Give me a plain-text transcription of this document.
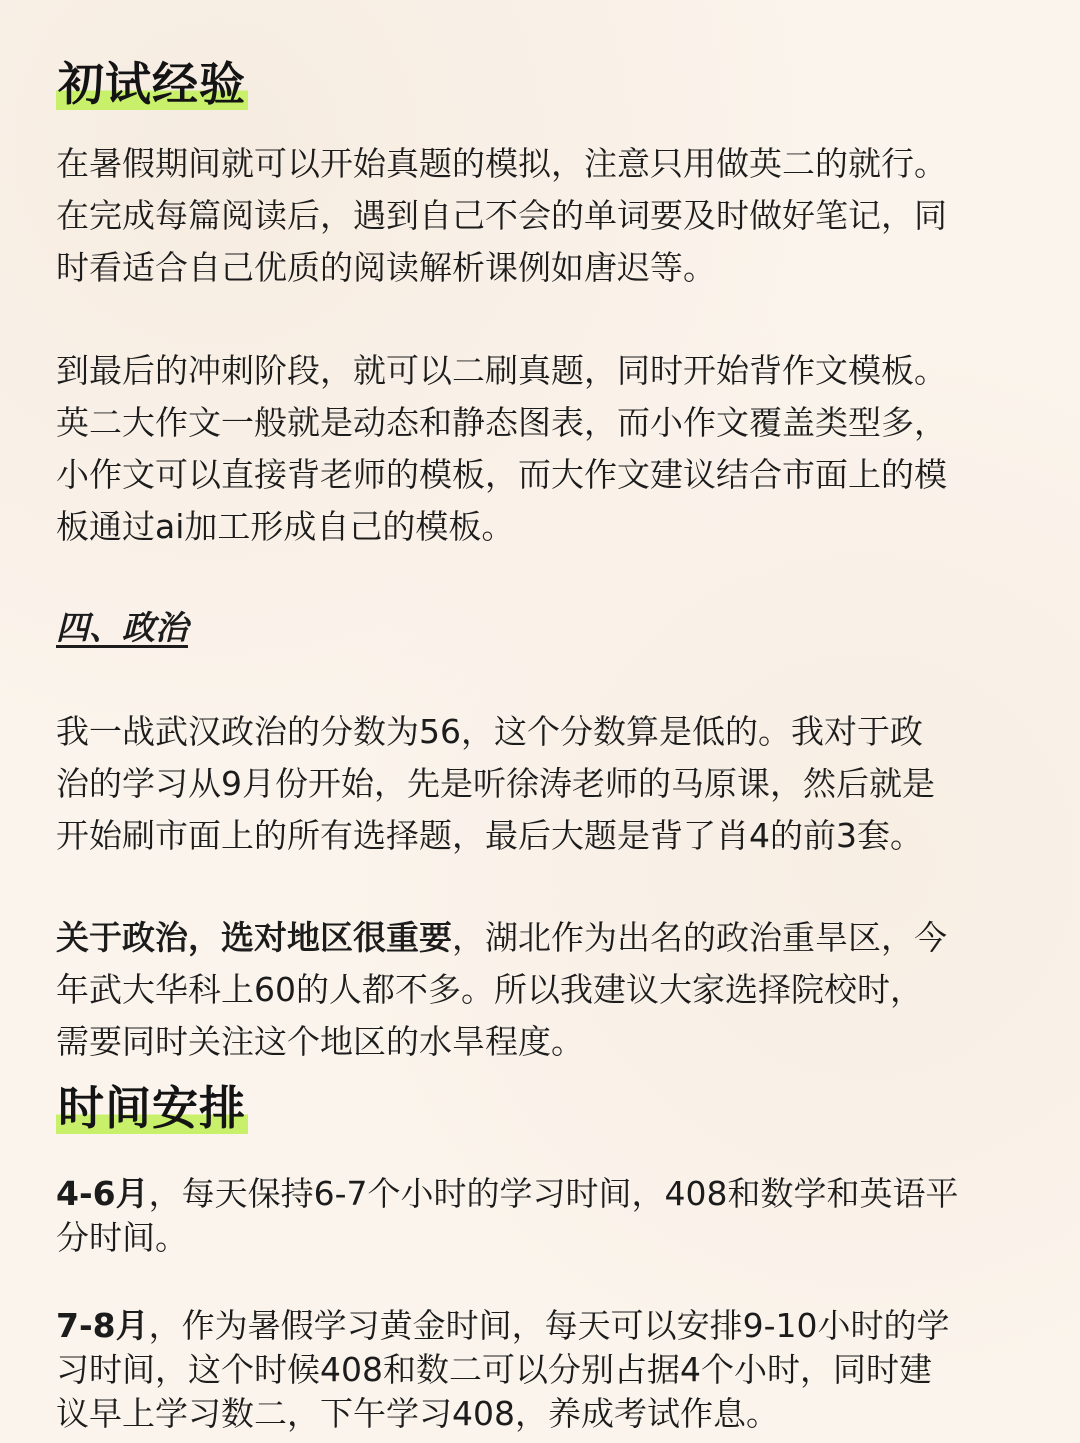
初试经验

在暑假期间就可以开始真题的模拟，注意只用做英二的就行。
在完成每篇阅读后，遇到自己不会的单词要及时做好笔记，同
时看适合自己优质的阅读解析课例如唐迟等。

到最后的冲刺阶段，就可以二刷真题，同时开始背作文模板。
英二大作文一般就是动态和静态图表，而小作文覆盖类型多，
小作文可以直接背老师的模板，而大作文建议结合市面上的模
板通过ai加工形成自己的模板。

四、政治

我一战武汉政治的分数为56，这个分数算是低的。我对于政
治的学习从9月份开始，先是听徐涛老师的马原课，然后就是
开始刷市面上的所有选择题，最后大题是背了肖4的前3套。

关于政治，选对地区很重要，湖北作为出名的政治重旱区，今
年武大华科上60的人都不多。所以我建议大家选择院校时，
需要同时关注这个地区的水旱程度。

时间安排

4-6月，每天保持6-7个小时的学习时间，408和数学和英语平
分时间。

7-8月，作为暑假学习黄金时间，每天可以安排9-10小时的学
习时间，这个时候408和数二可以分别占据4个小时，同时建
议早上学习数二，下午学习408，养成考试作息。
